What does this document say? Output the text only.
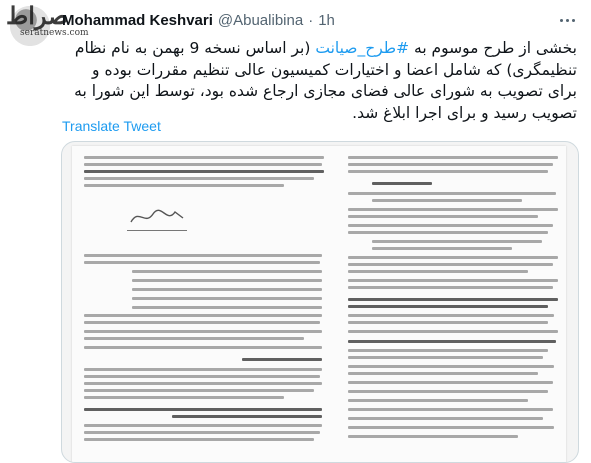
صراط
seratnews.com
Mohammad Keshvari @Abualibina · 1h
بخشی از طرح موسوم به #طرح_صیانت (بر اساس نسخه 9 بهمن به نام نظام تنظیمگری) که شامل اعضا و اختیارات کمیسیون عالی تنظیم مقررات بوده و برای تصویب به شورای عالی فضای مجازی ارجاع شده بود، توسط این شورا به تصویب رسید و برای اجرا ابلاغ شد.
Translate Tweet
